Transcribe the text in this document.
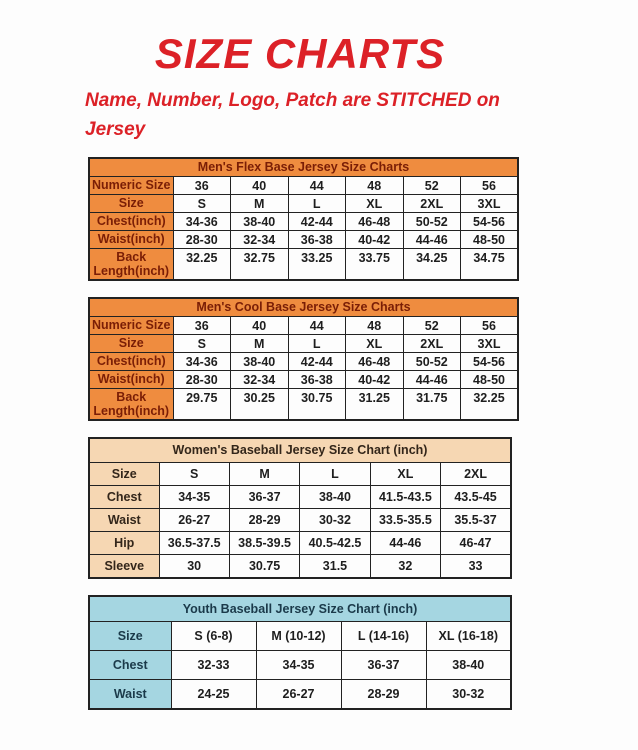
SIZE CHARTS

Name, Number, Logo, Patch are STITCHED on Jersey

Men's Flex Base Jersey Size Charts						
Numeric Size	36	40	44	48	52	56
Size	S	M	L	XL	2XL	3XL
Chest(inch)	34-36	38-40	42-44	46-48	50-52	54-56
Waist(inch)	28-30	32-34	36-38	40-42	44-46	48-50
Back Length(inch)	32.25	32.75	33.25	33.75	34.25	34.75
Men's Cool Base Jersey Size Charts						
Numeric Size	36	40	44	48	52	56
Size	S	M	L	XL	2XL	3XL
Chest(inch)	34-36	38-40	42-44	46-48	50-52	54-56
Waist(inch)	28-30	32-34	36-38	40-42	44-46	48-50
Back Length(inch)	29.75	30.25	30.75	31.25	31.75	32.25
Women's Baseball Jersey Size Chart (inch)					
Size	S	M	L	XL	2XL
Chest	34-35	36-37	38-40	41.5-43.5	43.5-45
Waist	26-27	28-29	30-32	33.5-35.5	35.5-37
Hip	36.5-37.5	38.5-39.5	40.5-42.5	44-46	46-47
Sleeve	30	30.75	31.5	32	33
Youth Baseball Jersey Size Chart (inch)				
Size	S (6-8)	M (10-12)	L (14-16)	XL (16-18)
Chest	32-33	34-35	36-37	38-40
Waist	24-25	26-27	28-29	30-32
